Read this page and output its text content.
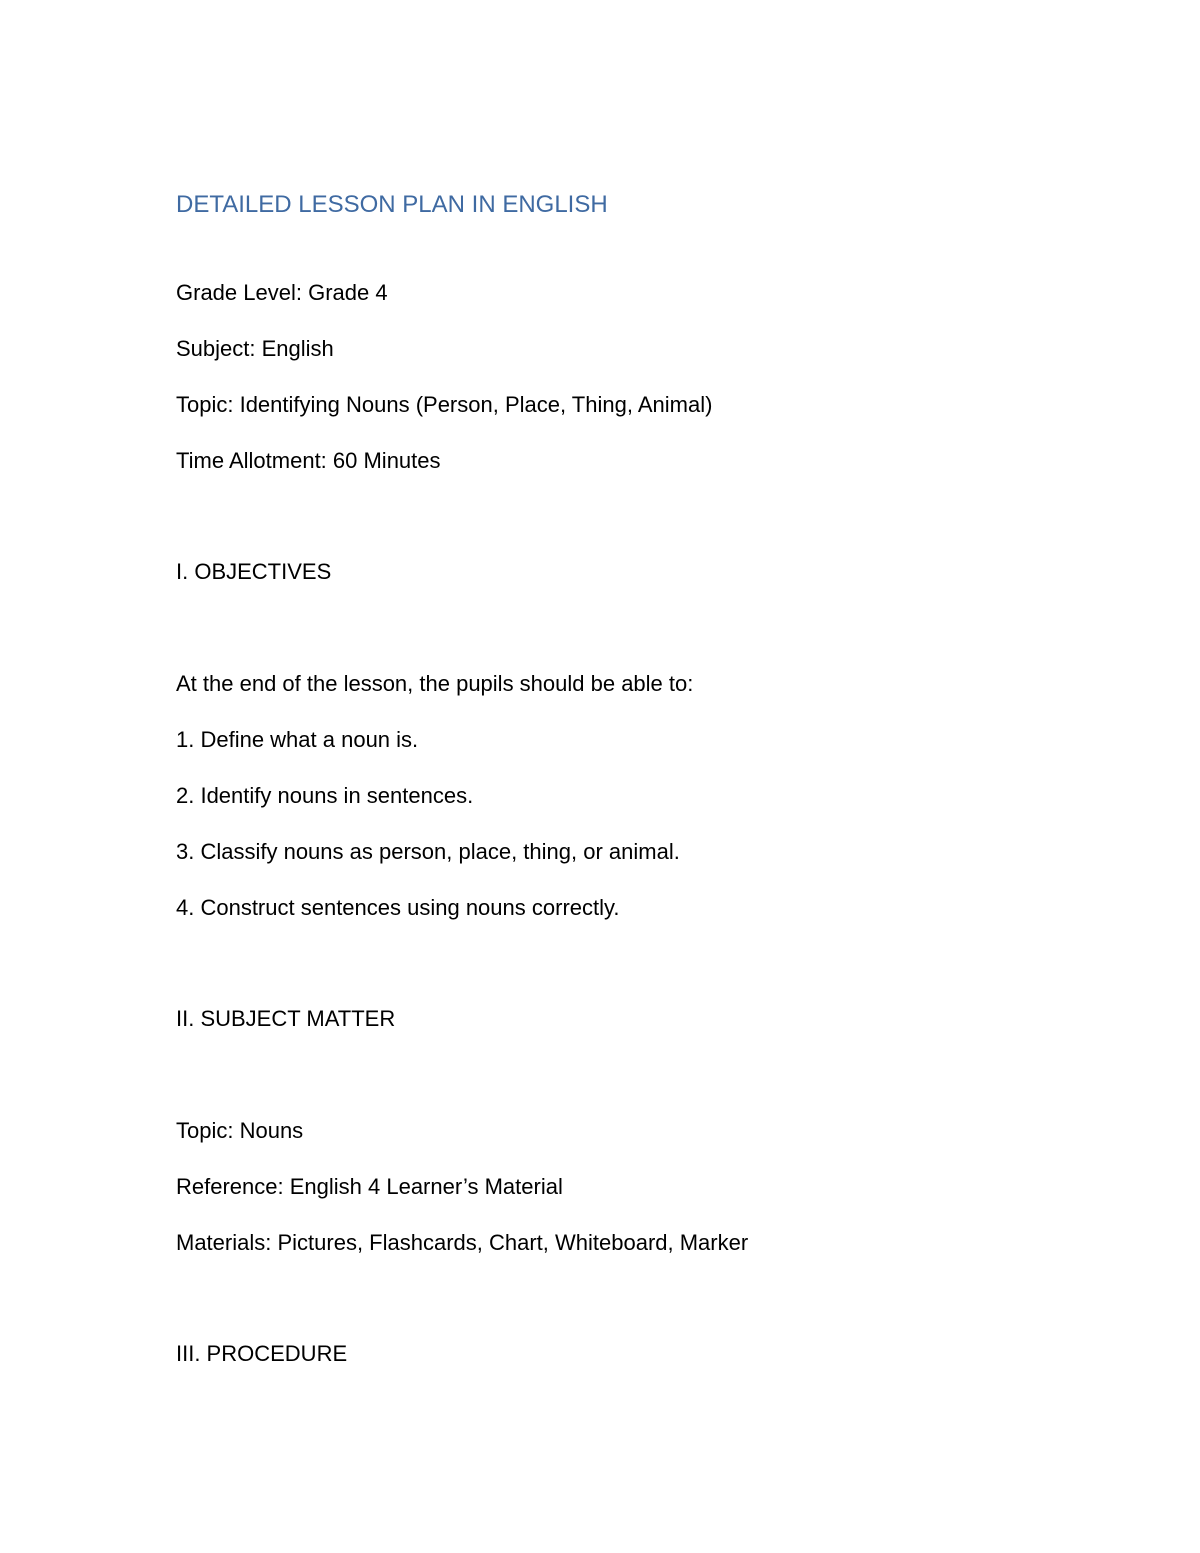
DETAILED LESSON PLAN IN ENGLISH

Grade Level: Grade 4

Subject: English

Topic: Identifying Nouns (Person, Place, Thing, Animal)

Time Allotment: 60 Minutes

I. OBJECTIVES

At the end of the lesson, the pupils should be able to:

1. Define what a noun is.

2. Identify nouns in sentences.

3. Classify nouns as person, place, thing, or animal.

4. Construct sentences using nouns correctly.

II. SUBJECT MATTER

Topic: Nouns

Reference: English 4 Learner’s Material

Materials: Pictures, Flashcards, Chart, Whiteboard, Marker

III. PROCEDURE
